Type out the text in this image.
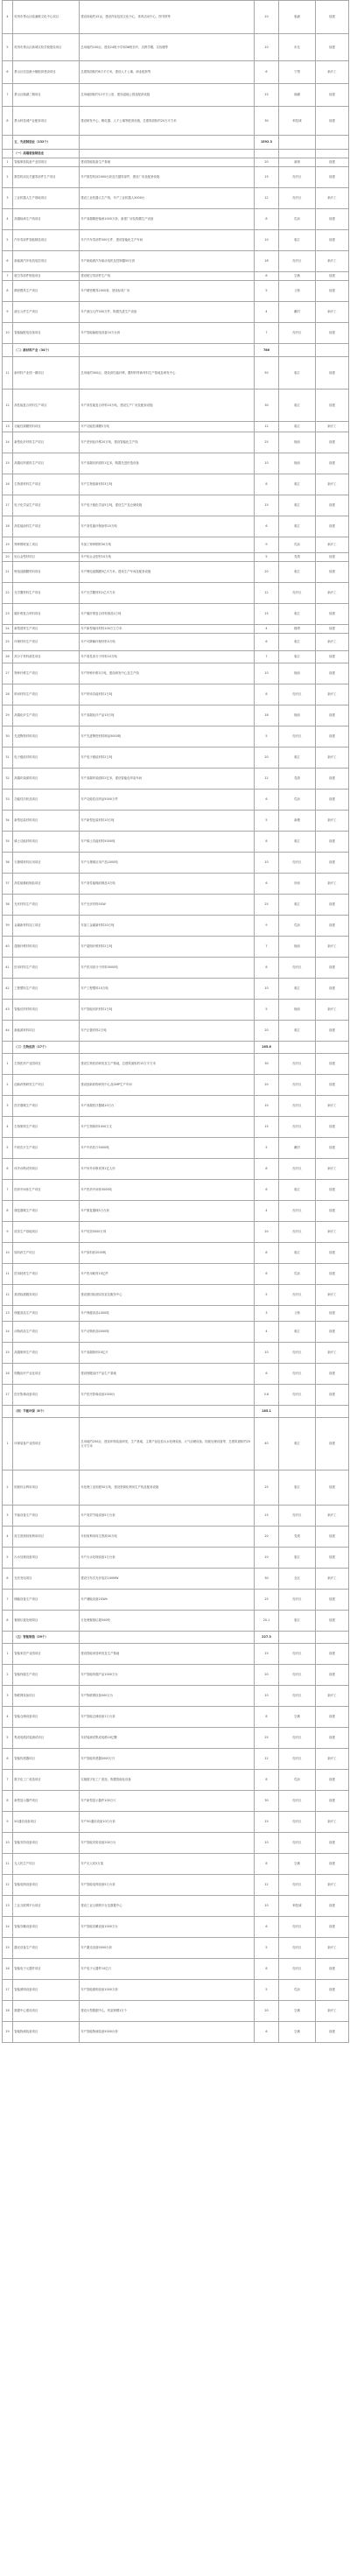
4	杭州市萧山区临浦镇文化中心项目	建设用地约15亩，建设内容包括文化中心、体育活动中心、图书馆等	10	临浦	续建
5	杭州市萧山区新城实验学校建设项目	总用地约100亩，建设24班小学和36班初中，含教学楼、实验楼等	10	市北	续建
6	萧山区信息港小镇配套建设项目	总建筑面积约6万平方米，建设人才公寓、商业配套等	6	宁围	新开工
7	萧山区湘湖三期项目	总用地面积约12平方公里，建设湿地公园及配套设施	15	湘湖	续建
8	萧山科技城产业配套项目	建设研发中心、孵化器、人才公寓等配套设施，总建筑面积约20万平方米	30	科技城	续建
	五、先进制造业（132个）		1592.3		
	（一）高端装备制造业				
1	智能制造装备产业园项目	建设智能装备生产基地	20	新街	续建
2	数控机床及关键零部件生产项目	年产数控机床2000台套及关键零部件，建设厂房及配套设施	15	经开区	续建
3	工业机器人生产基地项目	建设工业机器人生产线，年产工业机器人5000台	12	经开区	新开工
4	高端轴承生产线项目	年产高端精密轴承1000万套，新建厂房及购置生产设备	8	瓜沥	续建
5	汽车零部件智能制造项目	年产汽车零部件500万件，建设智能化生产车间	10	临江	续建
6	新能源汽车电机电控项目	年产新能源汽车驱动电机及控制器50万套	18	经开区	新开工
7	航空零部件制造项目	建设航空零部件生产线	6	空港	续建
8	精密模具生产项目	年产精密模具2000套，建设标准厂房	5	义桥	续建
9	液压元件生产项目	年产液压元件300万件，购置先进生产设备	4	戴村	新开工
10	智能输配电设备项目	年产智能输配电设备10万台套	7	经开区	续建
	（二）新材料产业（34个）		786		
11	新材料产业园一期项目	总用地约300亩，建设高性能纤维、膜材料等新材料生产基地及研发中心	50	临江	续建
12	高性能复合材料生产项目	年产高性能复合材料10万吨，建设生产厂房及配套设施	30	临江	续建
13	功能性薄膜材料项目	年产功能性薄膜5万吨	12	临江	新开工
14	新型化纤材料生产项目	年产差别化纤维20万吨，建设智能化生产线	25	衙前	续建
15	高端纺织面料生产项目	年产高端纺织面料1亿米，购置先进织造设备	10	衙前	续建
16	生物基材料生产项目	年产生物基新材料3万吨	8	临江	新开工
17	电子化学品生产项目	年产电子级化学品5万吨，建设生产及仓储设施	15	临江	续建
18	高性能涂料生产项目	年产高性能环保涂料10万吨	6	临江	续建
19	特种钢材加工项目	年加工特种钢材30万吨	9	瓜沥	新开工
20	铝合金型材项目	年产铝合金型材10万吨	5	党湾	续建
21	锂电池隔膜材料项目	年产锂电池隔膜5亿平方米，建设生产车间及配套设施	20	临江	续建
22	光学膜材料生产项目	年产光学膜材料1亿平方米	12	经开区	新开工
23	碳纤维复合材料项目	年产碳纤维复合材料制品1万吨	15	临江	续建
24	新型建材生产项目	年产新型墙体材料100万立方米	4	楼塔	续建
25	环保材料生产项目	年产可降解环保材料5万吨	6	临江	新开工
26	高分子材料改性项目	年产改性高分子材料10万吨	7	临江	续建
27	特种纤维生产项目	年产特种纤维3万吨，建设研发中心及生产线	10	衙前	续建
28	纳米材料生产项目	年产纳米功能材料1万吨	8	经开区	新开工
29	高端化纤生产项目	年产高端化纤产品15万吨	18	衙前	续建
30	先进陶瓷材料项目	年产先进陶瓷材料制品5000吨	5	经开区	续建
31	电子级硅材料项目	年产电子级硅材料2万吨	20	临江	新开工
32	高端印染面料项目	年产高端印染面料2亿米，建设智能化印染车间	12	党湾	续建
33	功能性纺织品项目	年产功能性纺织品5000万件	6	瓜沥	续建
34	新型包装材料项目	年产新型包装材料10万吨	5	新塘	新开工
35	稀土功能材料项目	年产稀土功能材料5000吨	8	临江	续建
36	石墨烯材料应用项目	年产石墨烯应用产品1000吨	10	经开区	续建
37	高性能橡胶制品项目	年产高性能橡胶制品3万吨	6	所前	新开工
38	光伏材料生产项目	年产光伏材料5GW	25	临江	续建
39	金属新材料加工项目	年加工金属新材料20万吨	9	瓜沥	续建
40	超细纤维材料项目	年产超细纤维材料2万吨	7	衙前	新开工
41	医用材料生产项目	年产医用高分子材料5000吨	8	经开区	续建
42	工程塑料生产项目	年产工程塑料10万吨	10	临江	续建
43	智能纺织材料项目	年产智能纺织材料1万吨	5	衙前	新开工
44	新能源材料项目	年产正极材料2万吨	20	临江	续建
	（三）生物医药（17个）		165.6		
1	生物医药产业园项目	建设生物医药研发及生产基地，总建筑面积约15万平方米	30	经开区	续建
2	创新药物研发生产项目	建设创新药物研发中心及GMP生产车间	20	经开区	续建
3	医疗器械生产项目	年产高端医疗器械10万台	10	经开区	新开工
4	生物制剂生产项目	年产生物制剂1000万支	15	经开区	续建
5	中药饮片生产项目	年产中药饮片5000吨	5	戴村	续建
6	体外诊断试剂项目	年产体外诊断试剂1亿人份	8	经开区	新开工
7	医药中间体生产项目	年产医药中间体3000吨	6	临江	续建
8	康复器械生产项目	年产康复器械5万台套	4	经开区	续建
9	疫苗生产基地项目	年产疫苗5000万剂	20	经开区	新开工
10	原料药生产项目	年产原料药2000吨	8	临江	续建
11	医用耗材生产项目	年产医用耗材10亿件	6	瓜沥	续建
12	基因检测服务项目	建设基因检测实验室及服务中心	5	经开区	新开工
13	保健食品生产项目	年产保健食品1000吨	3	义桥	续建
14	动物药品生产项目	年产动物药品5000吨	4	临江	续建
15	高端制剂生产项目	年产高端制剂10亿片	10	经开区	新开工
16	细胞治疗产业化项目	建设细胞治疗产品生产基地	6	经开区	续建
17	医疗影像设备项目	年产医疗影像设备2000台	5.6	经开区	续建
	（四）节能环保（8个）		185.1		
1	环保装备产业园项目	总用地约200亩，建设环保装备研发、生产基地，主要产品包括污水处理设备、大气治理设备、固废处理设备等，总建筑面积约25万平方米	40	临江	续建
2	固废综合利用项目	年处理工业固废50万吨，建设资源化利用生产线及配套设施	25	临江	续建
3	节能设备生产项目	年产高效节能设备5万台套	15	经开区	新开工
4	再生资源回收利用项目	年回收利用再生资源30万吨	20	党湾	续建
5	污水处理设备项目	年产污水处理设备1万台套	10	临江	续建
6	光伏发电项目	建设分布式光伏电站100MW	30	全区	新开工
7	储能设备生产项目	年产储能设备2GWh	25	经开区	续建
8	餐厨垃圾处理项目	日处理餐厨垃圾500吨	20.1	临江	续建
	（五）智能制造（29个）		227.3		
1	智能家居产业园项目	建设智能家居研发及生产基地	15	经开区	续建
2	智能终端生产项目	年产智能终端产品1000万台	20	经开区	续建
3	物联网设备项目	年产物联网设备500万台	10	经开区	新开工
4	智能仓储设备项目	年产智能仓储设备1万台套	8	空港	续建
5	集成电路封装测试项目	年封装测试集成电路10亿颗	25	经开区	续建
6	智能传感器项目	年产智能传感器5000万只	12	经开区	新开工
7	数字化工厂改造项目	实施数字化工厂改造，购置智能化设备	8	瓜沥	续建
8	新型显示器件项目	年产新型显示器件100万片	30	经开区	续建
9	5G通信设备项目	年产5G通信设备10万台套	15	经开区	新开工
10	智能安防设备项目	年产智能安防设备200万台	10	经开区	续建
11	无人机生产项目	年产无人机5万架	8	空港	续建
12	智能电网设备项目	年产智能电网设备5万台套	12	经开区	新开工
13	工业互联网平台项目	建设工业互联网平台及数据中心	10	科技城	续建
14	智能穿戴设备项目	年产智能穿戴设备1000万台	6	经开区	续建
15	激光设备生产项目	年产激光设备5000台套	5	经开区	新开工
16	智能电子元器件项目	年产电子元器件10亿只	8	经开区	续建
17	智能照明设备项目	年产智能照明设备1000万套	5	瓜沥	续建
18	数据中心建设项目	建设大型数据中心，机架规模1万个	20	空港	新开工
19	智能物流装备项目	年产智能物流装备5000台套	6	空港	续建
